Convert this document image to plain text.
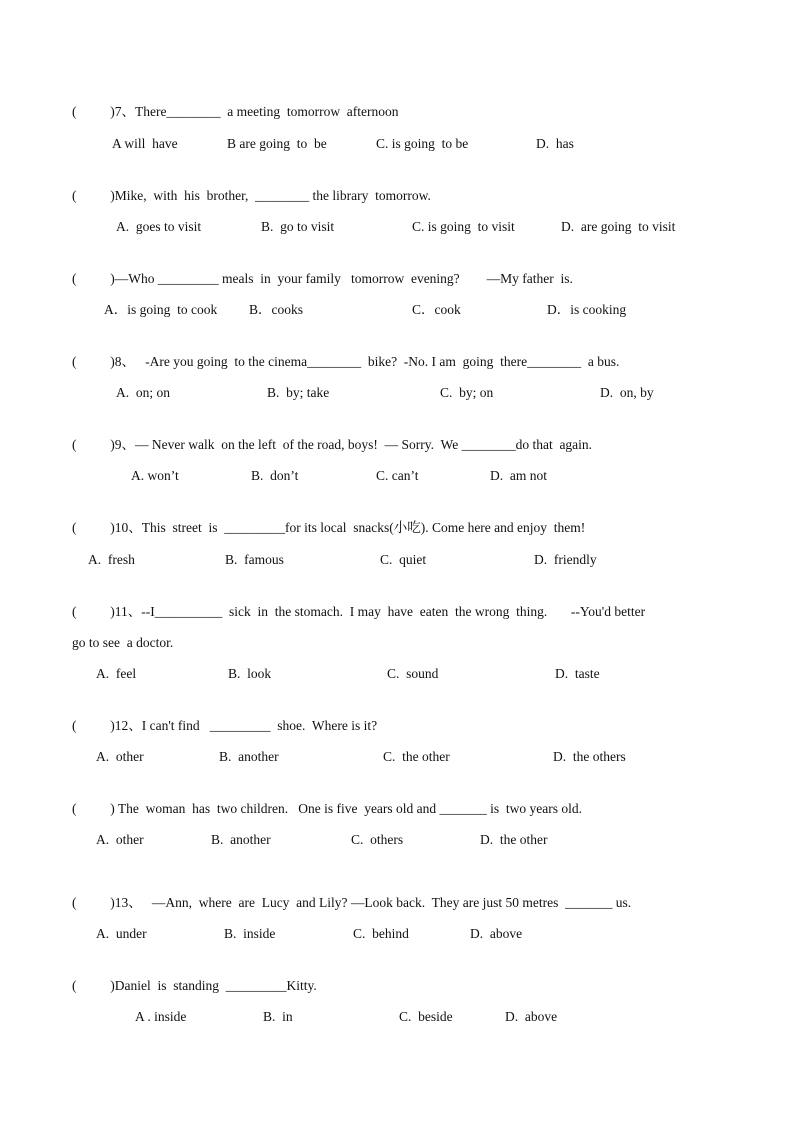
(          )7、There________  a meeting  tomorrow  afternoon
A will  have	B are going  to  be	C. is going  to be	D.  has
(          )Mike,  with  his  brother,  ________ the library  tomorrow.
A.  goes to visit	B.  go to visit	C. is going  to visit	D.  are going  to visit
(          )—Who _________ meals  in  your family   tomorrow  evening?        —My father  is.
A．is going  to cook B．cooks	C．cook	D．is cooking
(          )8、   -Are you going  to the cinema________  bike?  -No. I am  going  there________  a bus.
A.  on; on	B.  by; take	C.  by; on	D.  on, by
(          )9、— Never walk  on the left  of the road, boys!  — Sorry.  We ________do that  again.
A. won’t	B.  don’t	C. can’t	D.  am not
(          )10、This  street  is  _________for its local  snacks(小吃). Come here and enjoy  them!
A.  fresh	B.  famous	C.  quiet	D.  friendly
(          )11、--I__________  sick  in  the stomach.  I may  have  eaten  the wrong  thing.       --You'd better
go to see  a doctor.
A.  feel	B.  look	C.  sound	D.  taste
(          )12、I can't find   _________  shoe.  Where is it?
A.  other	B.  another	C.  the other	D.  the others
(          ) The  woman  has  two children.   One is five  years old and _______ is  two years old.
A.  other	B.  another	C.  others	D.  the other
(          )13、   —Ann,  where  are  Lucy  and Lily? —Look back.  They are just 50 metres  _______ us.
A.  under	B.  inside	C.  behind	D.  above
(          )Daniel  is  standing  _________Kitty.
A . inside	B.  in	C.  beside	D.  above
